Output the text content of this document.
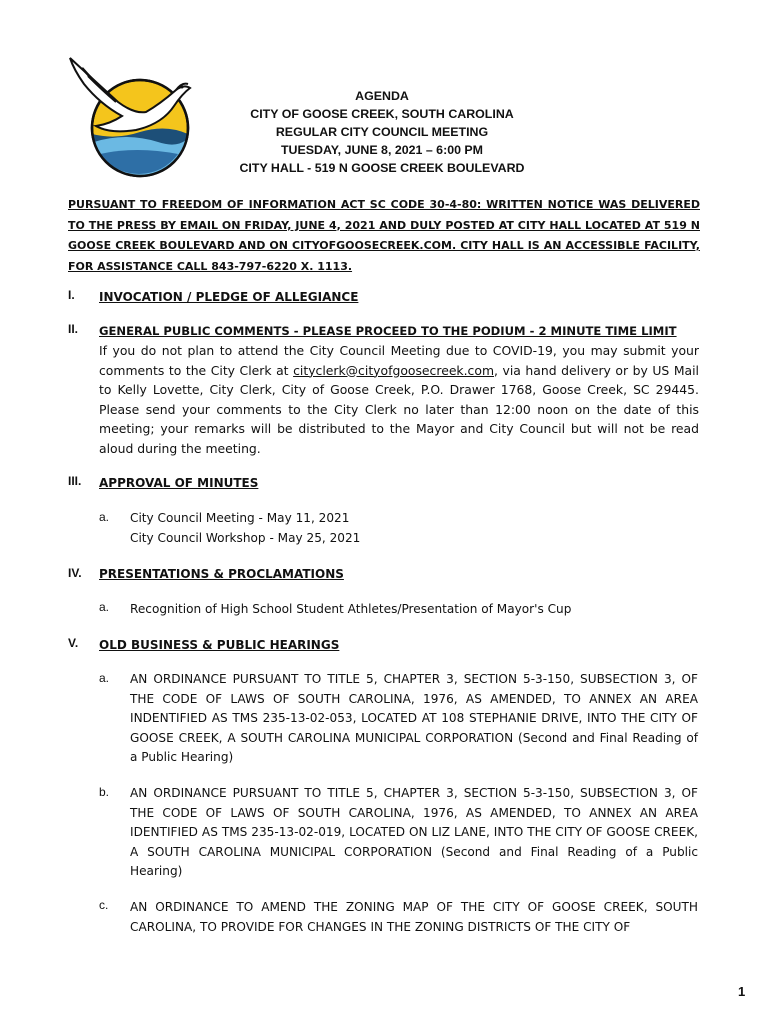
AGENDA
CITY OF GOOSE CREEK, SOUTH CAROLINA
REGULAR CITY COUNCIL MEETING
TUESDAY, JUNE 8, 2021 – 6:00 PM
CITY HALL - 519 N GOOSE CREEK BOULEVARD
PURSUANT TO FREEDOM OF INFORMATION ACT SC CODE 30-4-80: WRITTEN NOTICE WAS DELIVERED TO THE PRESS BY EMAIL ON FRIDAY, JUNE 4, 2021 AND DULY POSTED AT CITY HALL LOCATED AT 519 N GOOSE CREEK BOULEVARD AND ON CITYOFGOOSECREEK.COM. CITY HALL IS AN ACCESSIBLE FACILITY, FOR ASSISTANCE CALL 843-797-6220 X. 1113.
I. INVOCATION / PLEDGE OF ALLEGIANCE
II. GENERAL PUBLIC COMMENTS - PLEASE PROCEED TO THE PODIUM - 2 MINUTE TIME LIMIT
If you do not plan to attend the City Council Meeting due to COVID-19, you may submit your comments to the City Clerk at cityclerk@cityofgoosecreek.com, via hand delivery or by US Mail to Kelly Lovette, City Clerk, City of Goose Creek, P.O. Drawer 1768, Goose Creek, SC 29445. Please send your comments to the City Clerk no later than 12:00 noon on the date of this meeting; your remarks will be distributed to the Mayor and City Council but will not be read aloud during the meeting.
III. APPROVAL OF MINUTES
a. City Council Meeting - May 11, 2021
City Council Workshop - May 25, 2021
IV. PRESENTATIONS & PROCLAMATIONS
a. Recognition of High School Student Athletes/Presentation of Mayor's Cup
V. OLD BUSINESS & PUBLIC HEARINGS
a. AN ORDINANCE PURSUANT TO TITLE 5, CHAPTER 3, SECTION 5-3-150, SUBSECTION 3, OF THE CODE OF LAWS OF SOUTH CAROLINA, 1976, AS AMENDED, TO ANNEX AN AREA INDENTIFIED AS TMS 235-13-02-053, LOCATED AT 108 STEPHANIE DRIVE, INTO THE CITY OF GOOSE CREEK, A SOUTH CAROLINA MUNICIPAL CORPORATION (Second and Final Reading of a Public Hearing)
b. AN ORDINANCE PURSUANT TO TITLE 5, CHAPTER 3, SECTION 5-3-150, SUBSECTION 3, OF THE CODE OF LAWS OF SOUTH CAROLINA, 1976, AS AMENDED, TO ANNEX AN AREA IDENTIFIED AS TMS 235-13-02-019, LOCATED ON LIZ LANE, INTO THE CITY OF GOOSE CREEK, A SOUTH CAROLINA MUNICIPAL CORPORATION (Second and Final Reading of a Public Hearing)
c. AN ORDINANCE TO AMEND THE ZONING MAP OF THE CITY OF GOOSE CREEK, SOUTH CAROLINA, TO PROVIDE FOR CHANGES IN THE ZONING DISTRICTS OF THE CITY OF
1
